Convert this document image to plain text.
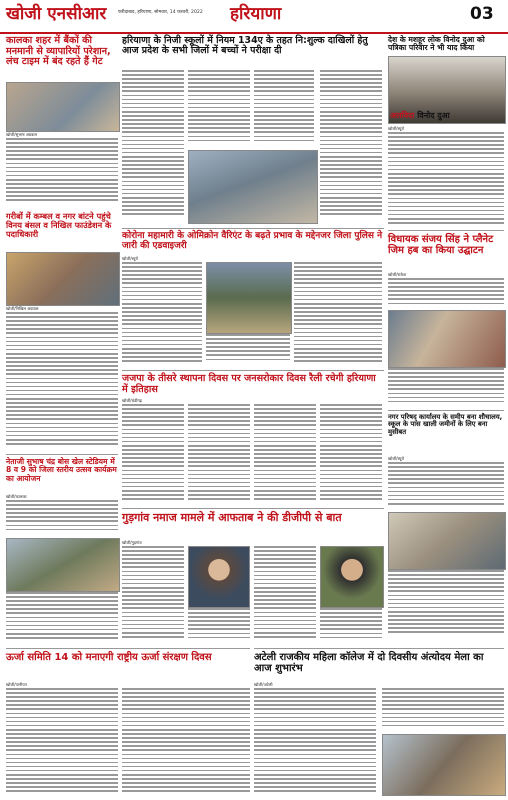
खोजी एनसीआर	फरीदाबाद, हरियाणा, सोमवार, 14 फरवरी, 2022	हरियाणा	03
कालका शहर में बैंकों की मनमानी से व्यापारियों परेशान, लंच टाइम में बंद रहते हैं गेट
खोजी/सुभाष अग्रवाल
हरियाणा के निजी स्कूलों में नियम 134ए के तहत नि:शुल्क दाखिलों हेतु आज प्रदेश के सभी जिलों में बच्चों ने परीक्षा दी
देश के मशहूर लोक विनोद दुआ को पत्रिका परिवार ने भी याद किया
अलविदा विनोद दुआ
खोजी/ब्यूरो
कोरोना महामारी के ओमिक्रोन वैरिएंट के बढ़ते प्रभाव के मद्देनजर जिला पुलिस ने जारी की एडवाइजरी
खोजी/ब्यूरो
गरीबों में कम्बल व नगर बांटने पहुंचे विनय बंसल व निखिल फाउंडेशन के पदाधिकारी
खोजी/निखिल अग्रवाल
विधायक संजय सिंह ने प्लैनेट जिम हब का किया उद्घाटन
खोजी/राकेश
जजपा के तीसरे स्थापना दिवस पर जनसरोकार दिवस रैली रचेगी हरियाणा में इतिहास
खोजी/चंडीगढ़
नेताजी सुभाष चंद्र बोस खेल स्टेडियम में 8 व 9 को जिला स्तरीय उत्सव कार्यक्रम का आयोजन
खोजी/कालका
नगर परिषद् कार्यालय के समीप बना शौचालय, स्कूल के पास खाली जमीनों के लिए बना मुसीबत
खोजी/ब्यूरो
गुड़गांव नमाज मामले में आफताब ने की डीजीपी से बात
खोजी/गुड़गांव
ऊर्जा समिति 14 को मनाएगी राष्ट्रीय ऊर्जा संरक्षण दिवस
खोजी/पानीपत
अटेली राजकीय महिला कॉलेज में दो दिवसीय अंत्योदय मेला का आज शुभारंभ
खोजी/अटेली
